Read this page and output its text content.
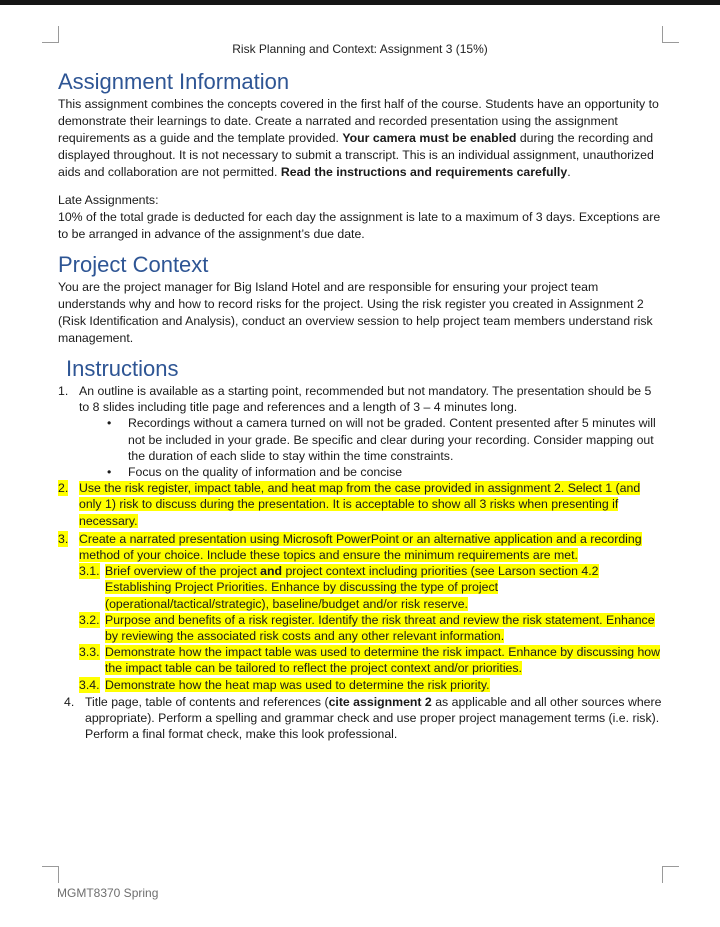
Risk Planning and Context: Assignment 3 (15%)
Assignment Information

This assignment combines the concepts covered in the first half of the course. Students have an opportunity to demonstrate their learnings to date. Create a narrated and recorded presentation using the assignment requirements as a guide and the template provided. Your camera must be enabled during the recording and displayed throughout. It is not necessary to submit a transcript. This is an individual assignment, unauthorized aids and collaboration are not permitted. Read the instructions and requirements carefully.

Late Assignments:

10% of the total grade is deducted for each day the assignment is late to a maximum of 3 days. Exceptions are to be arranged in advance of the assignment’s due date.

Project Context

You are the project manager for Big Island Hotel and are responsible for ensuring your project team understands why and how to record risks for the project. Using the risk register you created in Assignment 2 (Risk Identification and Analysis), conduct an overview session to help project team members understand risk management.

Instructions
1. An outline is available as a starting point, recommended but not mandatory. The presentation should be 5 to 8 slides including title page and references and a length of 3 – 4 minutes long.
• Recordings without a camera turned on will not be graded. Content presented after 5 minutes will not be included in your grade. Be specific and clear during your recording. Consider mapping out the duration of each slide to stay within the time constraints.
• Focus on the quality of information and be concise
2. Use the risk register, impact table, and heat map from the case provided in assignment 2. Select 1 (and only 1) risk to discuss during the presentation. It is acceptable to show all 3 risks when presenting if necessary.
3. Create a narrated presentation using Microsoft PowerPoint or an alternative application and a recording method of your choice. Include these topics and ensure the minimum requirements are met.
3.1. Brief overview of the project and project context including priorities (see Larson section 4.2 Establishing Project Priorities. Enhance by discussing the type of project (operational/tactical/strategic), baseline/budget and/or risk reserve.
3.2. Purpose and benefits of a risk register. Identify the risk threat and review the risk statement. Enhance by reviewing the associated risk costs and any other relevant information.
3.3. Demonstrate how the impact table was used to determine the risk impact. Enhance by discussing how the impact table can be tailored to reflect the project context and/or priorities.
3.4. Demonstrate how the heat map was used to determine the risk priority.
4. Title page, table of contents and references (cite assignment 2 as applicable and all other sources where appropriate). Perform a spelling and grammar check and use proper project management terms (i.e. risk). Perform a final format check, make this look professional.
MGMT8370 Spring
